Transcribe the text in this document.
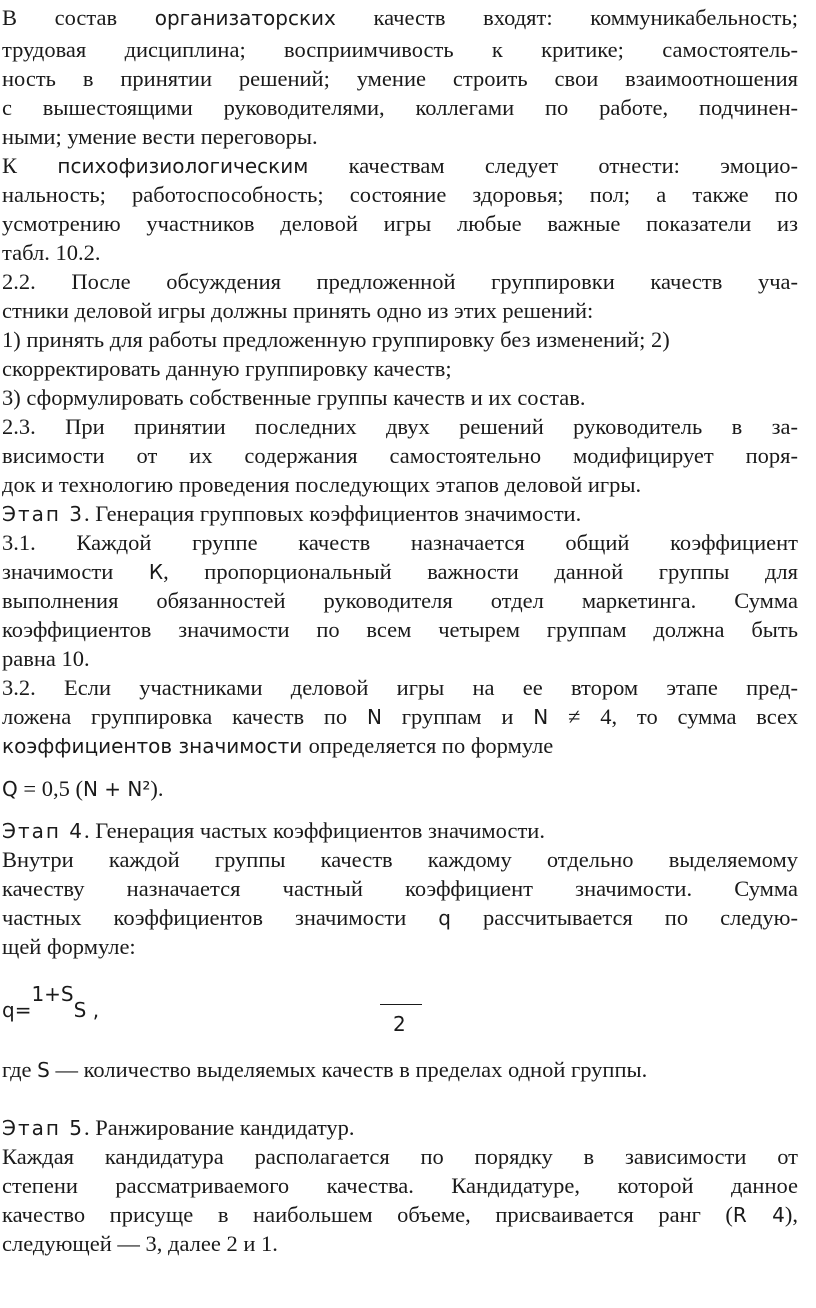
В состав организаторских качеств входят: коммуникабельность;
трудовая дисциплина; восприимчивость к критике; самостоятель-
ность в принятии решений; умение строить свои взаимоотношения
с вышестоящими руководителями, коллегами по работе, подчинен-
ными; умение вести переговоры.
К психофизиологическим качествам следует отнести: эмоцио-
нальность; работоспособность; состояние здоровья; пол; а также по
усмотрению участников деловой игры любые важные показатели из
табл. 10.2.
2.2. После обсуждения предложенной группировки качеств уча-
стники деловой игры должны принять одно из этих решений:
1) принять для работы предложенную группировку без изменений; 2)
скорректировать данную группировку качеств;
3) сформулировать собственные группы качеств и их состав.
2.3. При принятии последних двух решений руководитель в за-
висимости от их содержания самостоятельно модифицирует поря-
док и технологию проведения последующих этапов деловой игры.
Этап 3. Генерация групповых коэффициентов значимости.
3.1. Каждой группе качеств назначается общий коэффициент
значимости К, пропорциональный важности данной группы для
выполнения обязанностей руководителя отдел маркетинга. Сумма
коэффициентов значимости по всем четырем группам должна быть
равна 10.
3.2. Если участниками деловой игры на ее втором этапе пред-
ложена группировка качеств по N группам и N ≠ 4, то сумма всех
коэффициентов значимости определяется по формуле
Q = 0,5 (N + N²).
Этап 4. Генерация частых коэффициентов значимости.
Внутри каждой группы качеств каждому отдельно выделяемому
качеству назначается частный коэффициент значимости. Сумма
частных коэффициентов значимости q рассчитывается по следую-
щей формуле:
q=1+SS ,
2
где S — количество выделяемых качеств в пределах одной группы.
Этап 5. Ранжирование кандидатур.
Каждая кандидатура располагается по порядку в зависимости от
степени рассматриваемого качества. Кандидатуре, которой данное
качество присуще в наибольшем объеме, присваивается ранг (R 4),
следующей — 3, далее 2 и 1.
